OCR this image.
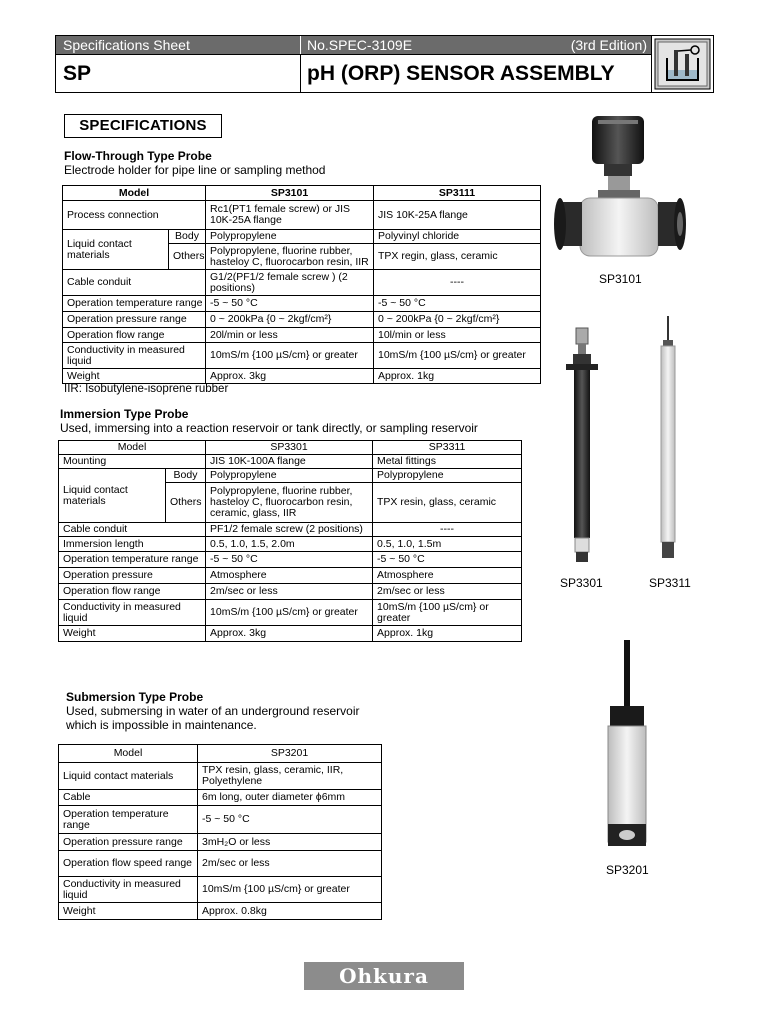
Specifications Sheet	No.SPEC-3109E	(3rd Edition)
SP	pH (ORP) SENSOR ASSEMBLY
SPECIFICATIONS
Flow-Through Type Probe
Electrode holder for pipe line or sampling method
Model		SP3101	SP3111
Process connection		Rc1(PT1 female screw) or JIS 10K-25A flange	JIS 10K-25A flange
Liquid contact materials	Body	Polypropylene	Polyvinyl chloride
	Others	Polypropylene, fluorine rubber, hasteloy C, fluorocarbon resin, IIR	TPX regin, glass, ceramic
Cable conduit		G1/2(PF1/2 female screw ) (2 positions)	----
Operation temperature range		-5 ~ 50 °C	-5 ~ 50 °C
Operation pressure range		0 ~ 200kPa {0 ~ 2kgf/cm²}	0 ~ 200kPa {0 ~ 2kgf/cm²}
Operation flow range		20l/min or less	10l/min or less
Conductivity in measured liquid		10mS/m {100 µS/cm} or greater	10mS/m {100 µS/cm} or greater
Weight		Approx. 3kg	Approx. 1kg
IIR: Isobutylene-isoprene rubber
Immersion Type Probe
Used, immersing into a reaction reservoir or tank directly, or sampling reservoir
Model		SP3301	SP3311
Mounting		JIS 10K-100A flange	Metal fittings
Liquid contact materials	Body	Polypropylene	Polypropylene
	Others	Polypropylene, fluorine rubber, hasteloy C, fluorocarbon resin, ceramic, glass, IIR	TPX resin, glass, ceramic
Cable conduit		PF1/2 female screw (2 positions)	----
Immersion length		0.5, 1.0, 1.5, 2.0m	0.5, 1.0, 1.5m
Operation temperature range		-5 ~ 50 °C	-5 ~ 50 °C
Operation pressure		Atmosphere	Atmosphere
Operation flow range		2m/sec or less	2m/sec or less
Conductivity in measured liquid		10mS/m {100 µS/cm} or greater	10mS/m {100 µS/cm} or greater
Weight		Approx. 3kg	Approx. 1kg
Submersion Type Probe
Used, submersing in water of an underground reservoir
which is impossible in maintenance.
Model	SP3201
Liquid contact materials	TPX resin, glass, ceramic, IIR, Polyethylene
Cable	6m long, outer diameter ϕ6mm
Operation temperature range	-5 ~ 50 °C
Operation pressure range	3mH₂O or less
Operation flow speed range	2m/sec or less
Conductivity in measured liquid	10mS/m {100 µS/cm} or greater
Weight	Approx. 0.8kg
SP3101
SP3301	SP3311
SP3201
Ohkura
